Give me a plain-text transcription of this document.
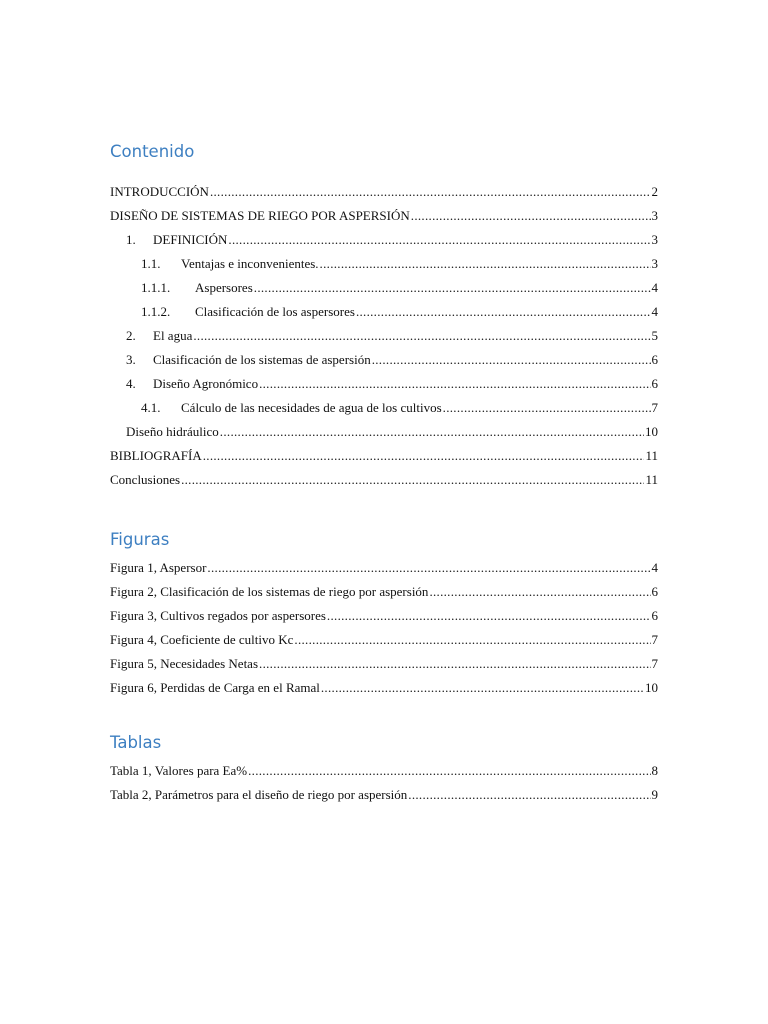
Contenido
INTRODUCCIÓN .....	2
DISEÑO DE SISTEMAS DE RIEGO POR ASPERSIÓN .....	3
1.	DEFINICIÓN .....	3
1.1.	Ventajas e inconvenientes. .....	3
1.1.1.	Aspersores .....	4
1.1.2.	Clasificación de los aspersores .....	4
2.	El agua .....	5
3.	Clasificación de los sistemas de aspersión .....	6
4.	Diseño Agronómico .....	6
4.1.	Cálculo de las necesidades de agua de los cultivos .....	7
Diseño hidráulico .....	10
BIBLIOGRAFÍA .....	11
Conclusiones .....	11
Figuras
Figura 1, Aspersor .....	4
Figura 2, Clasificación de los sistemas de riego por aspersión .....	6
Figura 3, Cultivos regados por aspersores .....	6
Figura 4, Coeficiente de cultivo Kc .....	7
Figura 5, Necesidades Netas .....	7
Figura 6, Perdidas de Carga en el Ramal .....	10
Tablas
Tabla 1, Valores para Ea% .....	8
Tabla 2, Parámetros para el diseño de riego por aspersión .....	9
